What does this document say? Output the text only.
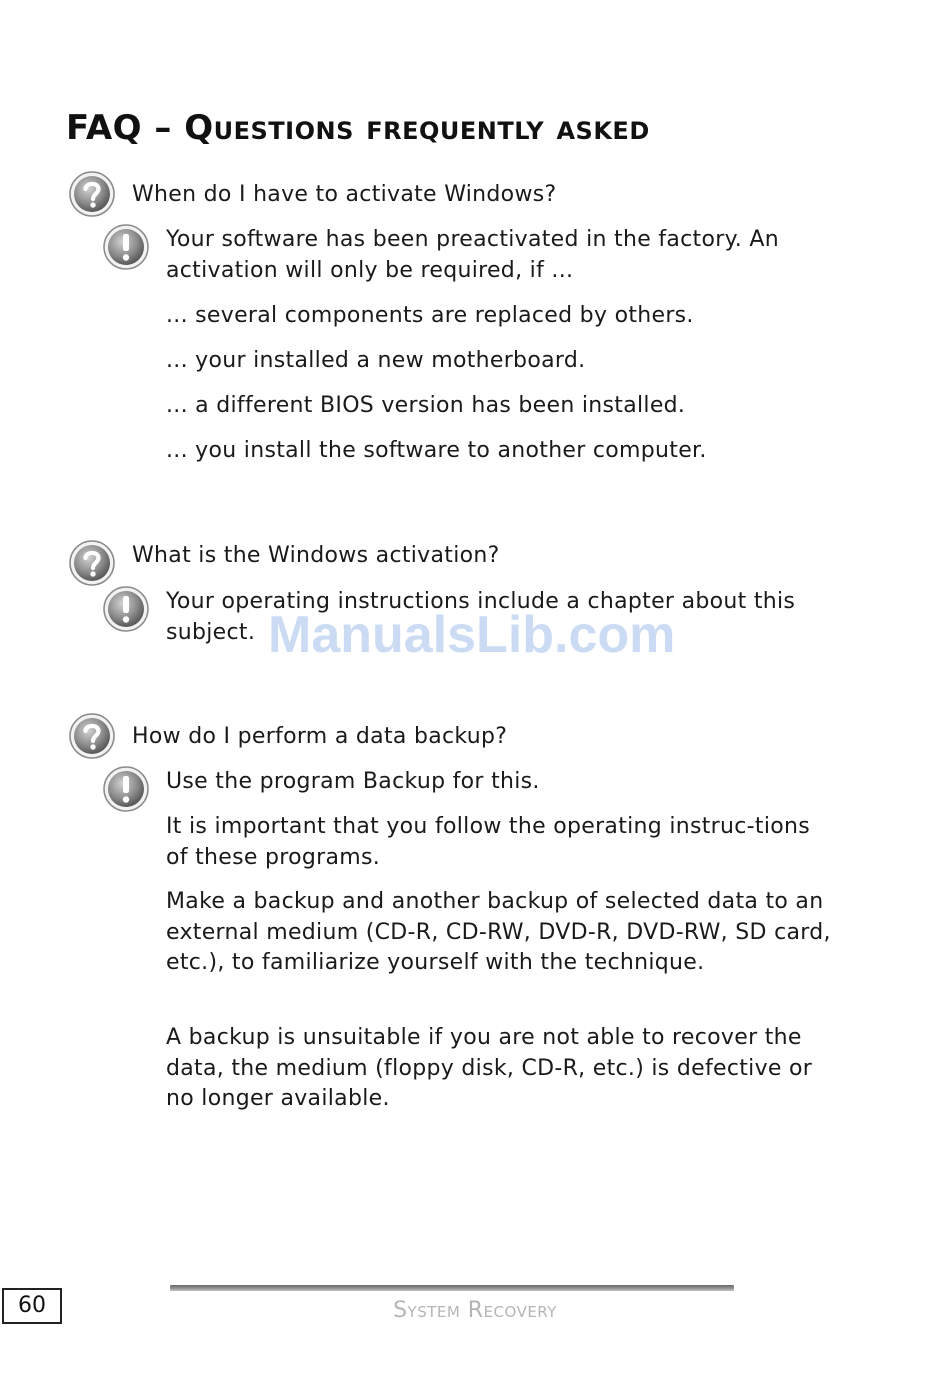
FAQ – Questions frequently asked
When do I have to activate Windows?

Your software has been preactivated in the factory. An activation will only be required, if ...

... several components are replaced by others.

... your installed a new motherboard.

... a different BIOS version has been installed.

... you install the software to another computer.

What is the Windows activation?

Your operating instructions include a chapter about this subject.

How do I perform a data backup?

Use the program Backup for this.

It is important that you follow the operating instruc-tions of these programs.

Make a backup and another backup of selected data to an external medium (CD-R, CD-RW, DVD-R, DVD-RW, SD card, etc.), to familiarize yourself with the technique.

A backup is unsuitable if you are not able to recover the data, the medium (floppy disk, CD-R, etc.) is defective or no longer available.

ManualsLib.com
System Recovery
60
